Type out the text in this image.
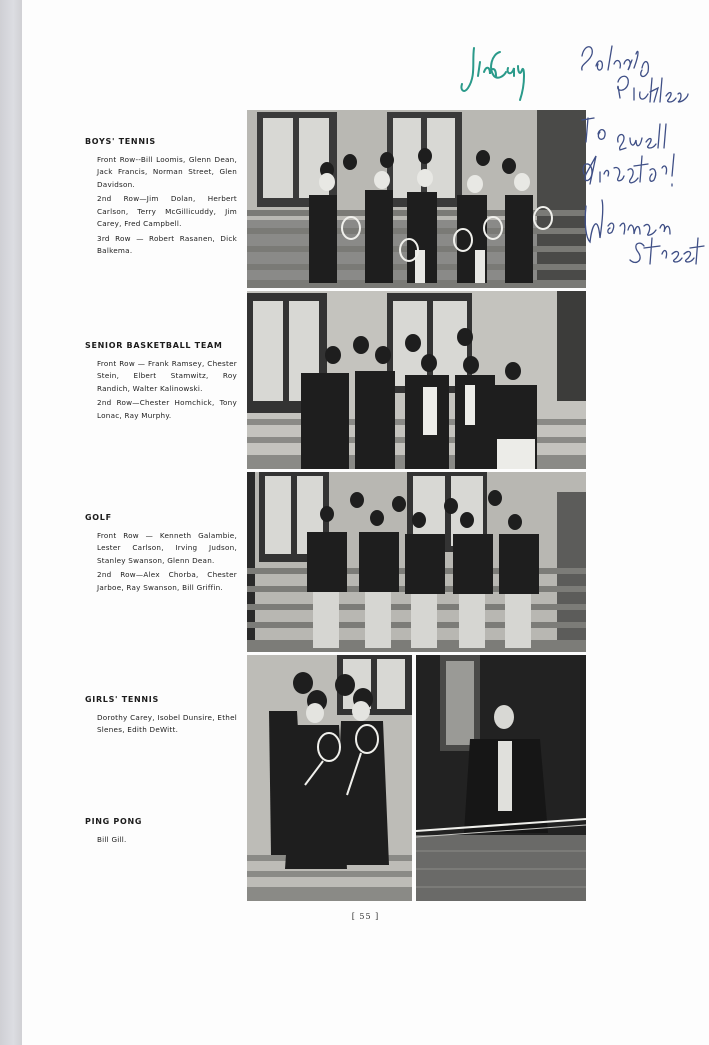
BOYS' TENNIS
Front Row--Bill Loomis, Glenn Dean, Jack Francis, Norman Street, Glen Davidson.
2nd Row—Jim Dolan, Herbert Carlson, Terry McGillicuddy, Jim Carey, Fred Campbell.
3rd Row — Robert Rasanen, Dick Balkema.
SENIOR BASKETBALL TEAM
Front Row — Frank Ramsey, Chester Stein, Elbert Stamwitz, Roy Randich, Walter Kalinowski.
2nd Row—Chester Homchick, Tony Lonac, Ray Murphy.
GOLF
Front Row — Kenneth Galambie, Lester Carlson, Irving Judson, Stanley Swanson, Glenn Dean.
2nd Row—Alex Chorba, Chester Jarboe, Ray Swanson, Bill Griffin.
GIRLS' TENNIS
Dorothy Carey, Isobel Dunsire, Ethel Slenes, Edith DeWitt.
PING PONG
Bill Gill.
[ 55 ]
